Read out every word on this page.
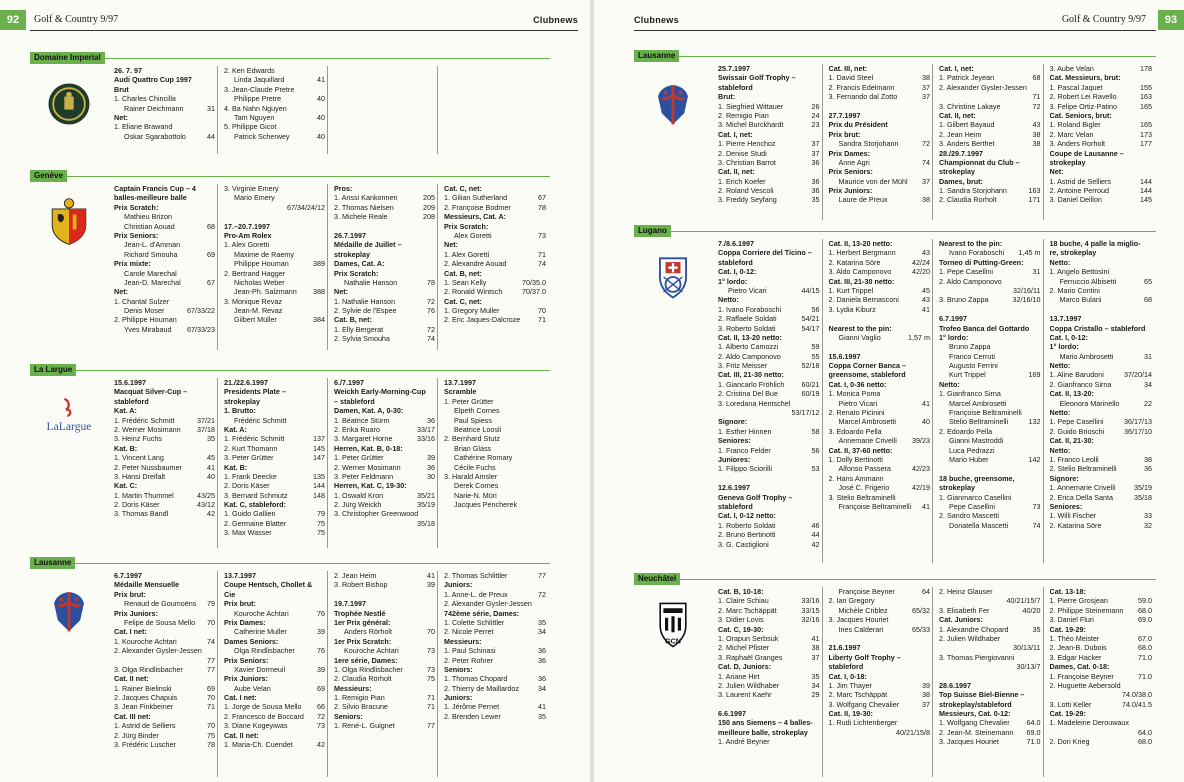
92	Golf & Country 9/97	Clubnews
Domaine Imperial
26. 7. 97
Audi Quattro Cup 1997
Brut
1. Charles Chincilla
Rainer Deichmann	31
Net:
1. Eliane Brawand
Oskar Sgarabottolo	44
2. Ken Edwards
Linda Jaquillard	41
3. Jean-Claude Pretre
Philippe Pretre	40
4. Ba Nahn Nguyen
Tam Nguyen	40
5. Philippe Gicot
Patrick Scherwey	40
Genève
Captain Francis Cup – 4
balles-meilleure balle
Prix Scratch:
Mathieu Brizon
Christian Aouad	68
Prix Seniors:
Jean-L. d'Amman
Richard Smouha	69
Prix mixte:
Carole Marechal
Jean-D. Marechal	67
Net:
1. Chantal Sulzer
Denis Moser	67/33/22
2. Philippe Houman
Yves Mirabaud 67/33/23
3. Virginie Emery
Mario Emery
67/34/24/12
17.–20.7.1997
Pro-Am Rolex
1. Alex Goretti
Maxime de Raemy
Philippe Houman	389
2. Bertrand Hagger
Nicholas Weber
Jean-Ph. Salzmann 388
3. Monique Revaz
Jean-M. Revaz
Gilbert Müller	384
Pros:
1. Anssi Kankonnen	205
2. Thomas Nielsen	209
3. Michele Reale	208
26.7.1997
Médaille de Juillet –
strokeplay
Dames, Cat. A:
Prix Scratch:
Nathalie Hanson	78
Net:
1. Nathalie Hanson	72
2. Sylvie de l'Espee	76
Cat. B, net:
1. Elly Bergerat	72
2. Sylvia Smouha	74
Cat. C, net:
1. Gilian Sutherland	67
2. Françoise Bodmer	78
Messieurs, Cat. A:
Prix Scratch:
Alex Goretti	73
Net:
1. Alex Goretti	71
2. Alexandre Aouad	74
Cat. B, net:
1. Sean Kelly	70/35.0
2. Ronald Wintsch	70/37.0
Cat. C, net:
1. Gregory Muller	70
2. Eric Jaques-Dalcroze 71
La Largue
LaLargue
15.6.1997
Macquat Silver-Cup –
stableford
Kat. A:
1. Frédéric Schmitt	37/21
2. Werner Mosimann 37/18
3. Heinz Fuchs	35
Kat. B:
1. Vincent Lang	45
2. Peter Nussbaumer	41
3. Hansi Dreifalt	40
Kat. C:
1. Martin Thummel	43/25
2. Doris Käser	43/12
3. Thomas Bandl	42
21./22.6.1997
Presidents Plate –
strokeplay
1. Brutto:
Frédéric Schmitt
Kat. A:
1. Frédéric Schmitt	137
2. Kurt Thomann	145
3. Peter Grütter	147
Kat. B:
1. Frank Deecke	135
2. Doris Käser	144
3. Bernard Schmutz	148
Kat. C, stableford:
1. Guido Gallien	79
2. Germaine Blatter	75
3. Max Wasser	75
6./7.1997
Weickh Early-Morning-Cup
– stableford
Damen, Kat. A, 0-30:
1. Béatrice Stürm	36
2. Erika Ruaro	33/17
3. Margaret Horne	33/16
Herren, Kat. B, 0-18:
1. Peter Grütter	39
2. Werner Mosimann	36
3. Peter Feldmann	30
Herren, Kat. C, 19-30:
1. Oswald Kron	35/21
2. Jürg Weickh	35/19
3. Christopher Greenwood
35/18
13.7.1997
Scramble
1. Peter Grütter
Elpeth Cornes
Paul Spiess
Beatrice Loosli
2. Bernhard Stutz
Brian Glass
Cathérine Romary
Cécile Fuchs
3. Harald Amsler
Derek Cornes
Narie-N. Müri
Jacques Pencherek
Lausanne
6.7.1997
Médaille Mensuelle
Prix brut:
Renaud de Goumoëns 79
Prix Juniors:
Felipe de Sousa Mello 70
Cat. I net:
1. Kouroche Achtari	74
2. Alexander Gysler-Jessen
77
3. Olga Rindlisbacher	77
Cat. II net:
1. Rainer Bielinski	69
2. Jacques Chapuis	70
3. Jean Finkbeiner	71
Cat. III net:
1. Astrid de Selliers	70
2. Jürg Binder	75
3. Frédéric Luscher	78
13.7.1997
Coupe Hentsch, Chollet &
Cie
Prix brut:
Kouroche Achtari	76
Prix Dames:
Catherine Muller	39
Dames Seniors:
Olga Rindlisbacher	76
Prix Seniors:
Xavier Dormeuil	39
Prix Juniors:
Aube Velan	69
Cat. I net:
1. Jorge de Sousa Mello 66
2. Francesco de Boccard 72
3. Diane Kogeyiwas	73
Cat. II net:
1. Maria-Ch. Cuendet	42
2. Jean Heim	41
3. Robert Bishop	39
19.7.1997
Trophée Nestlé
1er Prix général:
Anders Rörholt	70
1er Prix Scratch:
Kouroche Achtari	73
1ere série, Dames:
1. Olga Rindlisbacher	73
2. Claudia Rörholt	75
Messieurs:
1. Remigio Pian	71
2. Silvio Bracune	71
Seniors:
1. René-L. Guignet	77
2. Thomas Schlittler	77
Juniors:
1. Anne-L. de Preux	72
2. Alexander Gysler-Jessen
742ème série, Dames:
1. Colette Schlittler	35
2. Nicole Perret	34
Messieurs:
1. Paul Schinasi	36
2. Peter Rohrer	36
Seniors:
1. Thomas Chopard	36
2. Thierry de Maillardoz	34
Juniors:
1. Jérôme Pernet	41
2. Brenden Lewer	35
Clubnews	Golf & Country 9/97	93
Lausanne
25.7.1997
Swissair Golf Trophy –
stableford
Brut:
1. Siegfried Wittauer	26
2. Remigio Pian	24
3. Michel Burckhardt	23
Cat. I, net:
1. Pierre Henchoz	37
2. Denise Studi	37
3. Christian Barrot	36
Cat. II, net:
1. Erich Koefer	36
2. Roland Vescoli	36
3. Freddy Seyfang	35
Cat. III, net:
1. David Steel	38
2. Francis Edelmann	37
3. Fernando dal Zotto	37
27.7.1997
Prix du Président
Prix brut:
Sandra Storjohann	72
Prix Dames:
Anne Agri	74
Prix Seniors:
Maurice von der Mühl 37
Prix Juniors:
Laure de Preux	38
Cat. I, net:
1. Patrick Jeyean	68
2. Alexander Gysler-Jessen
71
3. Christine Lakaye	72
Cat. II, net:
1. Gilbert Bayaud	43
2. Jean Heim	38
3. Anders Berthet	38
28./29.7.1997
Championnat du Club –
strokeplay
Dames, brut:
1. Sandra Storjohann	163
2. Claudia Rorholt	171
3. Aube Velan	178
Cat. Messieurs, brut:
1. Pascal Jaquet	155
2. Robert Lei Ravello	163
3. Felipe Ortiz-Patino	165
Cat. Seniors, brut:
1. Roland Bigler	165
2. Marc Velan	173
3. Anders Rorholt	177
Coupe de Lausanne –
strokeplay
Net:
1. Astrid de Selliers	144
2. Antoine Perroud	144
3. Daniel Deillon	145
Lugano
7./8.6.1997
Coppa Corriere del Ticino –
stableford
Cat. I, 0-12:
1° lordo:
Pietro Vicari	44/15
Netto:
1. Ivano Foraboschi	56
2. Raffaele Soldati	54/21
3. Roberto Soldati	54/17
Cat. II, 13-20 netto:
1. Alberto Camozzi	59
2. Aldo Camponovo	55
3. Fritz Meisser	52/18
Cat. III, 21-30 netto:
1. Giancarlo Fröhlich 60/21
2. Cristina Del Bue	60/19
3. Loredana Hentschel
53/17/12
Signore:
1. Esther Hinnen	58
Seniores:
1. Franco Felder	56
Juniores:
1. Filippo Sciorilli	53
12.6.1997
Geneva Golf Trophy –
stableford
Cat. I, 0-12 netto:
1. Roberto Soldati	46
2. Bruno Bertinotti	44
3. G. Castiglioni	42
Cat. II, 13-20 netto:
1. Herbert Bergmann	43
2. Katarina Söre	42/24
3. Aldo Camponovo	42/20
Cat. III, 21-30 netto:
1. Kurt Trippel	45
2. Daniela Bernasconi	43
3. Lydia Kiburz	41
Nearest to the pin:
Gianni Vaglio	1,57 m
15.6.1997
Coppa Corner Banca –
greensome, stableford
Cat. I, 0-36 netto:
1. Monica Poma
Pietro Vicari	41
2. Renato Picinini
Marcel Ambrosetti	40
3. Edoardo Pella
Annemarie Crivelli 39/23
Cat. II, 37-60 netto:
1. Dolly Bertinotti
Alfonso Passera	42/23
2. Hans Ammann
José C. Frigerio	42/19
3. Stelio Beltraminelli
Françoise Beltraminelli 41
Nearest to the pin:
Ivano Foraboschi 1,45 m
Torneo di Putting-Green:
1. Pepe Casellini	31
2. Aldo Camponovo
32/16/11
3. Bruno Zappa	32/16/10
6.7.1997
Trofeo Banca del Gottardo
1° lordo:
Bruno Zappa
Franco Cerruti
Augusto Ferrini
Kurt Trippel	169
Netto:
1. Gianfranco Sirna
Marcel Ambrosetti
Françoise Beltraminelli
Stelio Beltraminelli	132
2. Edoardo Pella
Gianni Mastroddi
Luca Pedrazzi
Mario Huber	142
18 buche, greensome,
strokeplay
1. Gianmarco Casellini
Pepe Casellini	73
2. Sandro Mascetti
Donatella Mascetti	74
18 buche, 4 palle la miglio-
re, strokeplay
Netto:
1. Angelo Bettosini
Ferruccio Albisetti	65
2. Mario Contini
Marco Bulani	68
13.7.1997
Coppa Cristallo – stableford
Cat. I, 0-12:
1° lordo:
Mario Ambrosetti	31
Netto:
1. Aline Barudoni	37/20/14
2. Gianfranco Sirna	34
Cat. II, 13-20:
Eleonora Marinello	22
Netto:
1. Pepe Casellini	36/17/13
2. Guido Brioschi	36/17/10
Cat. II, 21-30:
Netto:
1. Franco Leolli	38
2. Stelio Beltraminelli	36
Signore:
1. Annemarie Crivelli	35/19
2. Erica Della Santa	35/18
Seniores:
1. Willi Fischer	33
2. Katarina Söre	32
Neuchâtel
GCN
Cat. B, 10-18:
1. Claire Schiau	33/16
2. Marc Tschäppät	33/15
3. Didier Lovis	32/16
Cat. C, 19-30:
1. Orapun Serbsuk	41
2. Michel Pfister	38
3. Raphaël Granges	37
Cat. D, Juniors:
1. Ariane Hirt	35
2. Julien Wildhaber	34
3. Laurent Kaehr	29
6.6.1997
150 ans Siemens – 4 balles-
meilleure balle, strokeplay
1. André Beyner
Françoise Beyner	64
2. Ian Gregory
Michèle Criblez	65/32
3. Jacques Houriet
Ines Calderari	65/33
21.6.1997
Liberty Golf Trophy –
stableford
Cat. I, 0-18:
1. Jim Thayer	39
2. Marc Tschäppät	38
3. Wolfgang Chevalier	37
Cat. II, 19-30:
1. Rudi Lichtenberger
40/21/15/8
2. Heinz Glauser
40/21/15/7
3. Elisabeth Fer	40/20
Cat. Juniors:
1. Alexandre Chopard	35
2. Julien Wildhaber
30/13/11
3. Thomas Piergiovanni
30/13/7
28.6.1997
Top Suisse Biel-Bienne –
strokeplay/stableford
Messieurs, Cat. 0-12:
1. Wolfgang Chevalier 64.0
2. Jean-M. Steinemann 69.0
3. Jacques Houriet	71.0
Cat. 13-18:
1. Pierre Grosjean	59.0
2. Philippe Steinemann 68.0
3. Daniel Fluri	69.0
Cat. 19-29:
1. Théo Meister	67.0
2. Jean-B. Dubois	68.0
3. Edgar Hacker	71.0
Dames, Cat. 0-18:
1. Françoise Beyner	71.0
2. Huguette Aebersold
74.0/38.0
3. Lotti Keller	74.0/41.5
Cat. 19-29:
1. Madeleine Derouwaux
64.0
2. Dori Krieg	68.0
